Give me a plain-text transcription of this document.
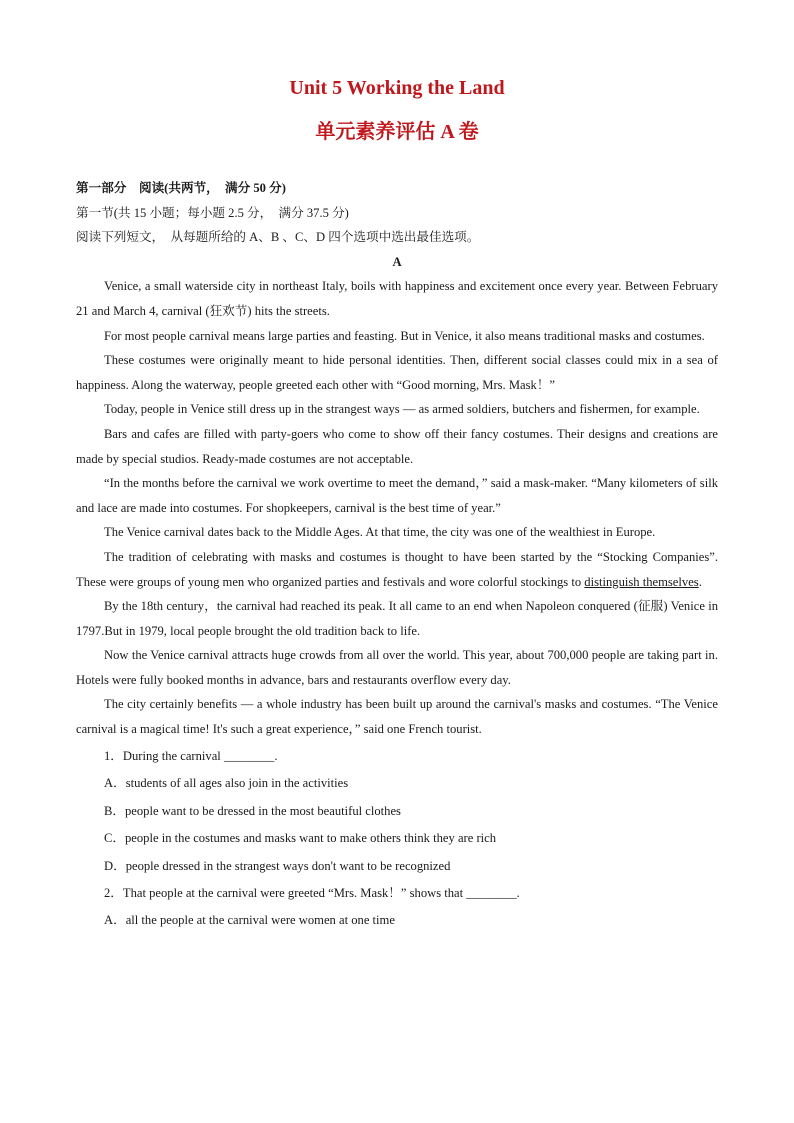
Unit 5 Working the Land
单元素养评估 A 卷

第一部分　阅读(共两节，　满分 50 分)

第一节(共 15 小题；每小题 2.5 分，　满分 37.5 分)

阅读下列短文，　从每题所给的 A、B 、C、D 四个选项中选出最佳选项。

A

Venice, a small waterside city in northeast Italy, boils with happiness and excitement once every year. Between February 21 and March 4, carnival (狂欢节) hits the streets.

For most people carnival means large parties and feasting. But in Venice, it also means traditional masks and costumes.

These costumes were originally meant to hide personal identities. Then, different social classes could mix in a sea of happiness. Along the waterway, people greeted each other with “Good morning, Mrs. Mask！”

Today, people in Venice still dress up in the strangest ways — as armed soldiers, butchers and fishermen, for example.

Bars and cafes are filled with party-goers who come to show off their fancy costumes. Their designs and creations are made by special studios. Ready-made costumes are not acceptable.

“In the months before the carnival we work overtime to meet the demand，” said a mask-maker. “Many kilometers of silk and lace are made into costumes. For shopkeepers, carnival is the best time of year.”

The Venice carnival dates back to the Middle Ages. At that time, the city was one of the wealthiest in Europe.

The tradition of celebrating with masks and costumes is thought to have been started by the “Stocking Companies”. These were groups of young men who organized parties and festivals and wore colorful stockings to distinguish themselves.

By the 18th century，the carnival had reached its peak. It all came to an end when Napoleon conquered (征服) Venice in 1797.But in 1979, local people brought the old tradition back to life.

Now the Venice carnival attracts huge crowds from all over the world. This year, about 700,000 people are taking part in. Hotels were fully booked months in advance, bars and restaurants overflow every day.

The city certainly benefits — a whole industry has been built up around the carnival's masks and costumes. “The Venice carnival is a magical time! It's such a great experience，” said one French tourist.

1．During the carnival ________.

A．students of all ages also join in the activities

B．people want to be dressed in the most beautiful clothes

C．people in the costumes and masks want to make others think they are rich

D．people dressed in the strangest ways don't want to be recognized

2．That people at the carnival were greeted “Mrs. Mask！” shows that ________.

A．all the people at the carnival were women at one time
